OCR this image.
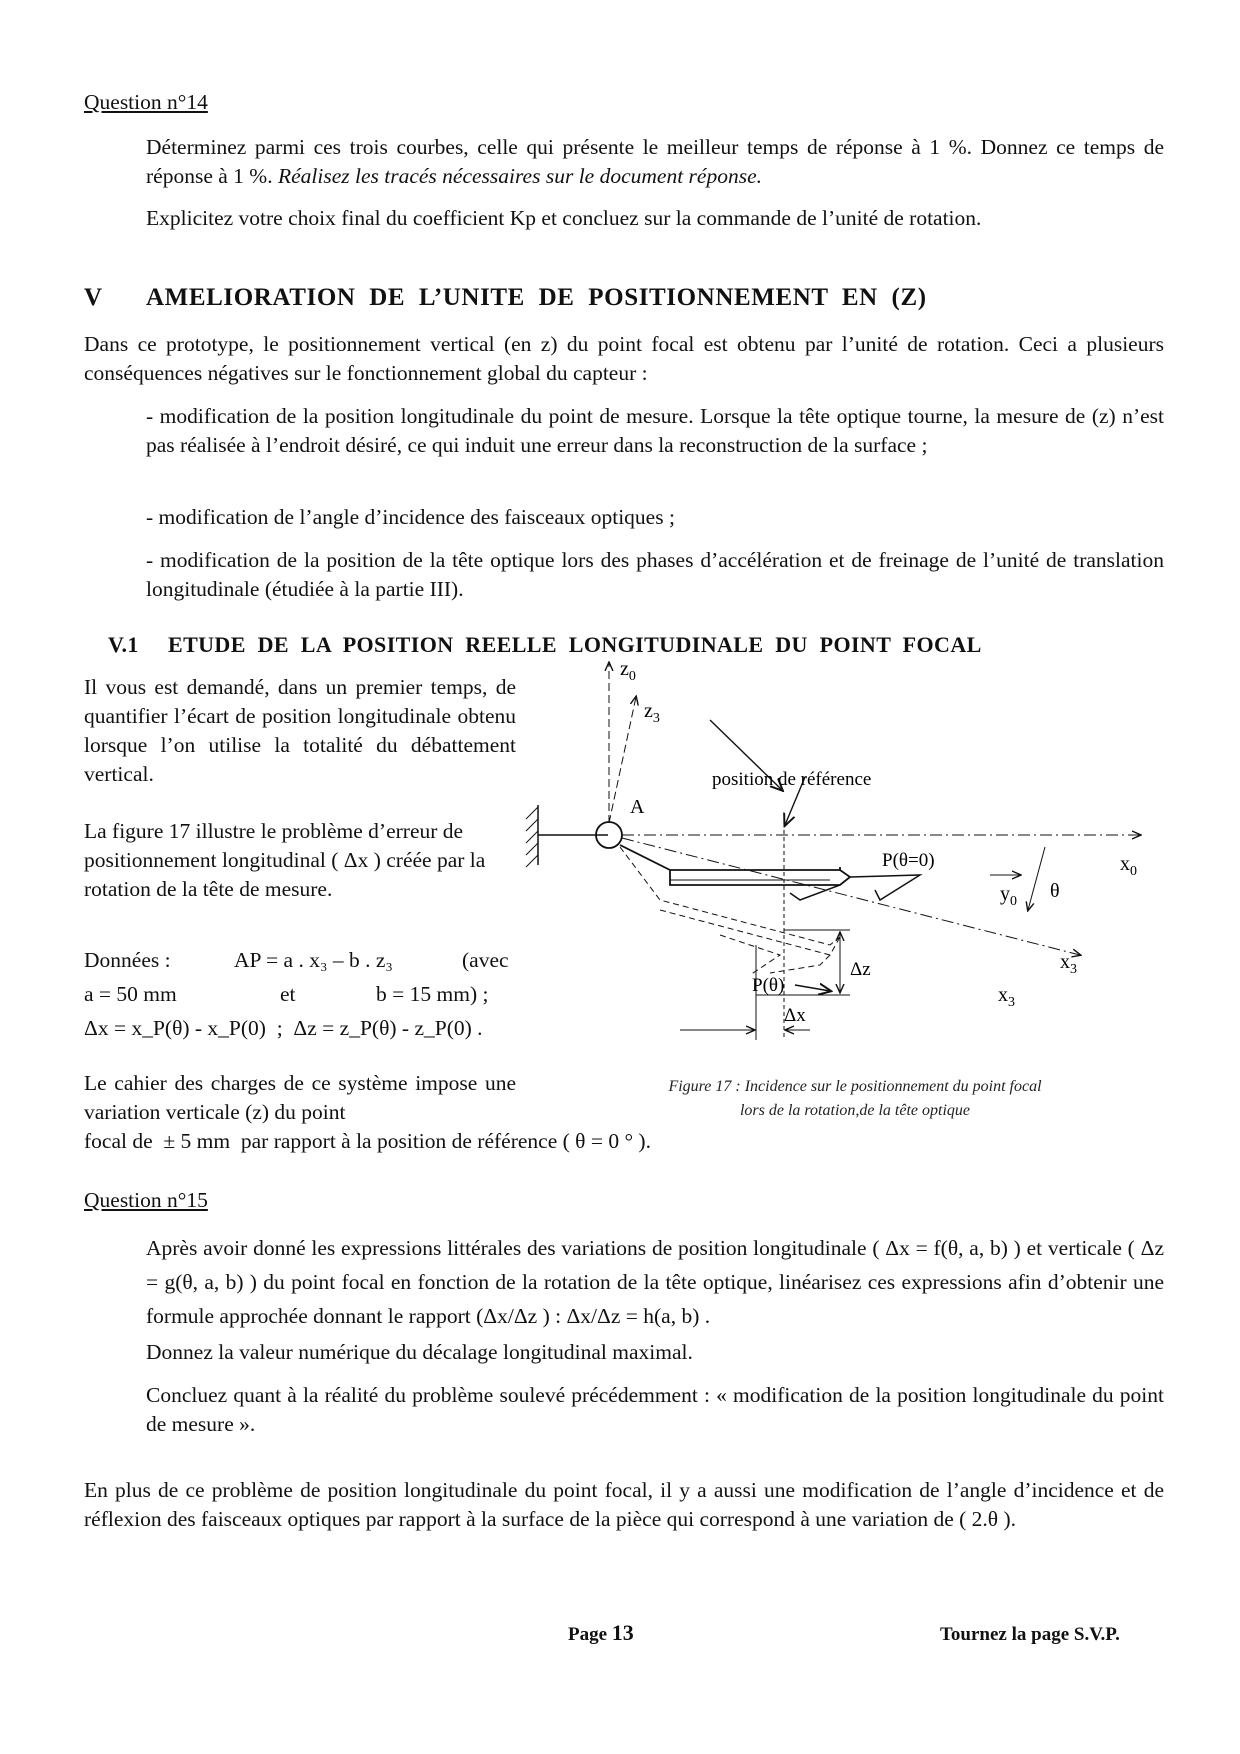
Question n°14
Déterminez parmi ces trois courbes, celle qui présente le meilleur temps de réponse à 1 %. Donnez ce temps de réponse à 1 %. Réalisez les tracés nécessaires sur le document réponse.
Explicitez votre choix final du coefficient Kp et concluez sur la commande de l’unité de rotation.
V AMELIORATION  DE  L’UNITE  DE  POSITIONNEMENT  EN  (Z)
Dans ce prototype, le positionnement vertical (en z) du point focal est obtenu par l’unité de rotation. Ceci a plusieurs conséquences négatives sur le fonctionnement global du capteur :
- modification de la position longitudinale du point de mesure. Lorsque la tête optique tourne, la mesure de (z) n’est pas réalisée à l’endroit désiré, ce qui induit une erreur dans la reconstruction de la surface ;
- modification de l’angle d’incidence des faisceaux optiques ;
- modification de la position de la tête optique lors des phases d’accélération et de freinage de l’unité de translation longitudinale (étudiée à la partie III).
V.1 ETUDE  DE  LA  POSITION  REELLE  LONGITUDINALE  DU  POINT  FOCAL
Il vous est demandé, dans un premier temps, de quantifier l’écart de position longitudinale obtenu lorsque l’on utilise la totalité du débattement vertical.
La figure 17 illustre le problème d’erreur de positionnement longitudinal ( Δx ) créée par la rotation de la tête de mesure.
Données :	AP = a . x₃ – b . z₃	(avec
a = 50 mm	et	b = 15 mm) ;
Δx = x_P(θ) - x_P(0)  ;  Δz = z_P(θ) - z_P(0) .
Le cahier des charges de ce système impose une variation verticale (z) du point
focal de  ± 5 mm  par rapport à la position de référence ( θ = 0 ° ).
$z_0$
$z_3$
A
position de référence
P(θ=0)	$x_0$
$y_0$ θ
$x_3$
$x_3$
P(θ)
Δz
Δx
Figure 17 : Incidence sur le positionnement du point focal
lors de la rotation,de la tête optique
Question n°15
Après avoir donné les expressions littérales des variations de position longitudinale ( Δx = f(θ, a, b) ) et verticale ( Δz = g(θ, a, b) ) du point focal en fonction de la rotation de la tête optique, linéarisez ces expressions afin d’obtenir une formule approchée donnant le rapport (Δx/Δz ) : Δx/Δz = h(a, b) .
Donnez la valeur numérique du décalage longitudinal maximal.
Concluez quant à la réalité du problème soulevé précédemment : « modification de la position longitudinale du point de mesure ».
En plus de ce problème de position longitudinale du point focal, il y a aussi une modification de l’angle d’incidence et de réflexion des faisceaux optiques par rapport à la surface de la pièce qui correspond à une variation de ( 2.θ ).
Page 13	Tournez la page S.V.P.
